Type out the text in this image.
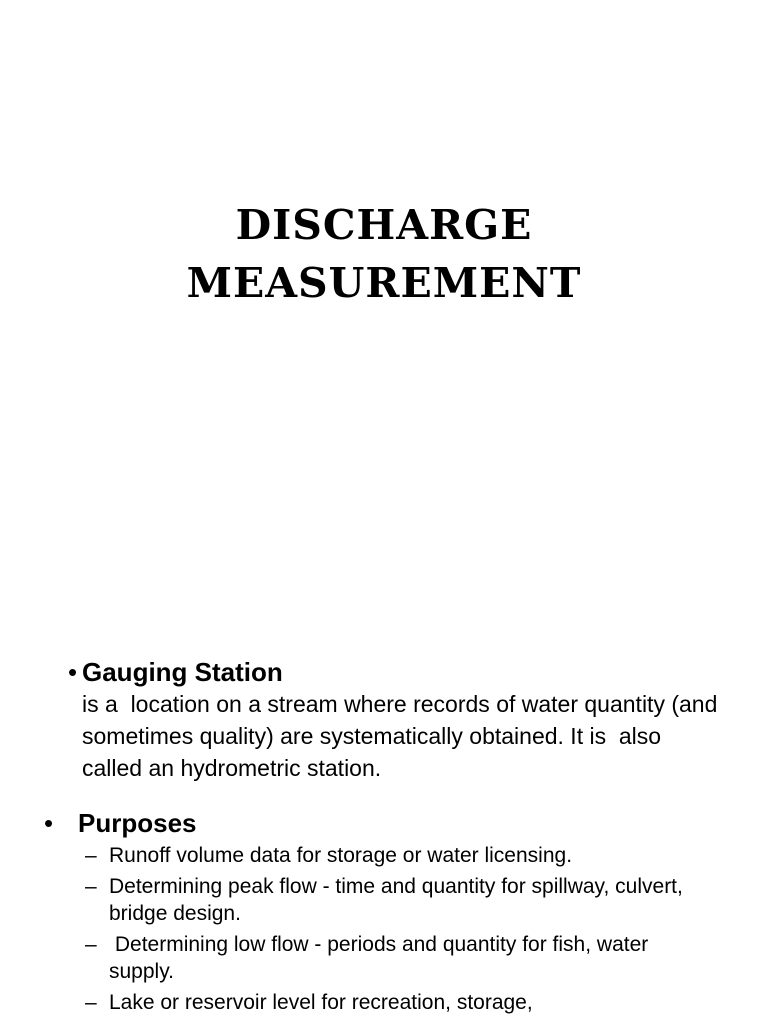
DISCHARGE
MEASUREMENT
• Gauging Station
is a  location on a stream where records of water quantity (and sometimes quality) are systematically obtained. It is  also called an hydrometric station.
• Purposes
– Runoff volume data for storage or water licensing.
– Determining peak flow - time and quantity for spillway, culvert, bridge design.
– Determining low flow - periods and quantity for fish, water supply.
– Lake or reservoir level for recreation, storage,
